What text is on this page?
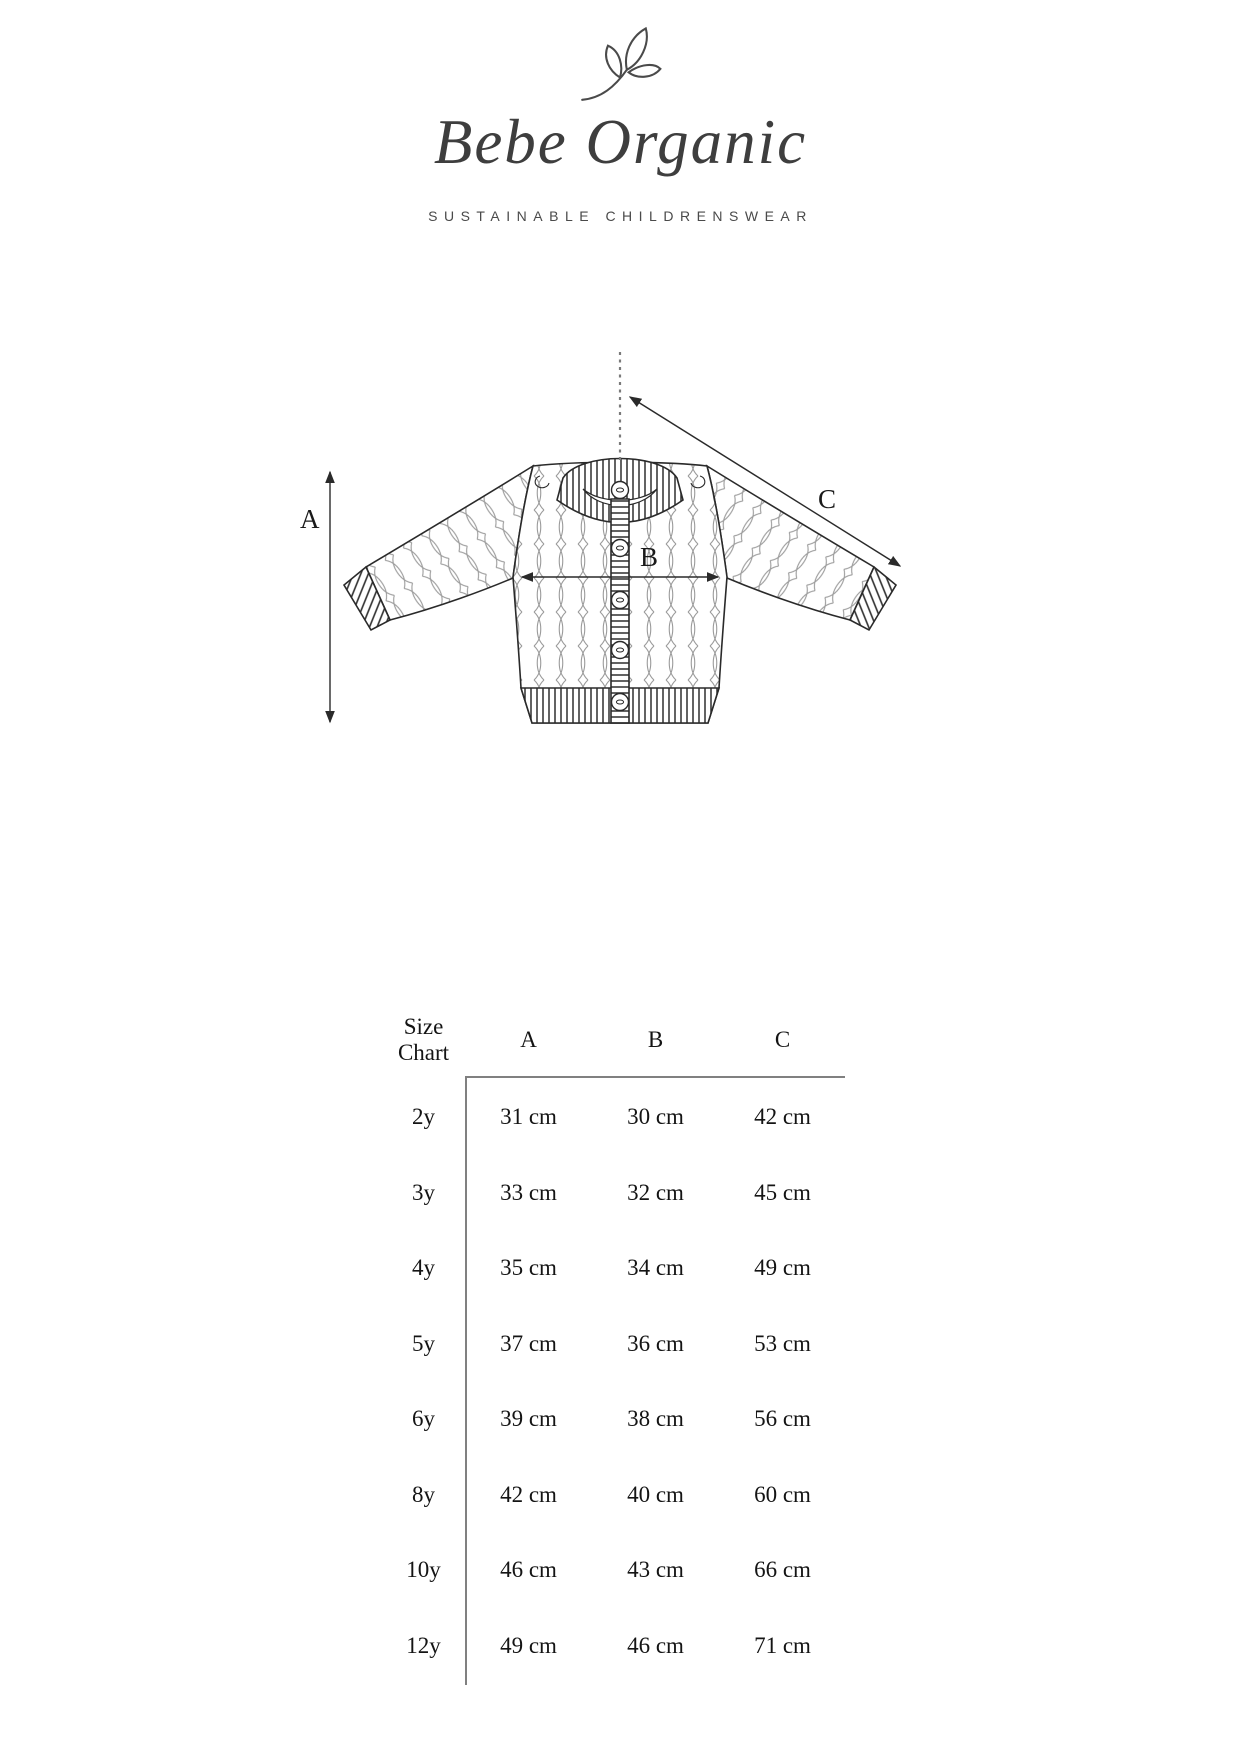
Bebe Organic
SUSTAINABLE CHILDRENSWEAR
A
B
C
Size Chart
A	B	C
2y	31 cm	30 cm	42 cm
3y	33 cm	32 cm	45 cm
4y	35 cm	34 cm	49 cm
5y	37 cm	36 cm	53 cm
6y	39 cm	38 cm	56 cm
8y	42 cm	40 cm	60 cm
10y	46 cm	43 cm	66 cm
12y	49 cm	46 cm	71 cm
